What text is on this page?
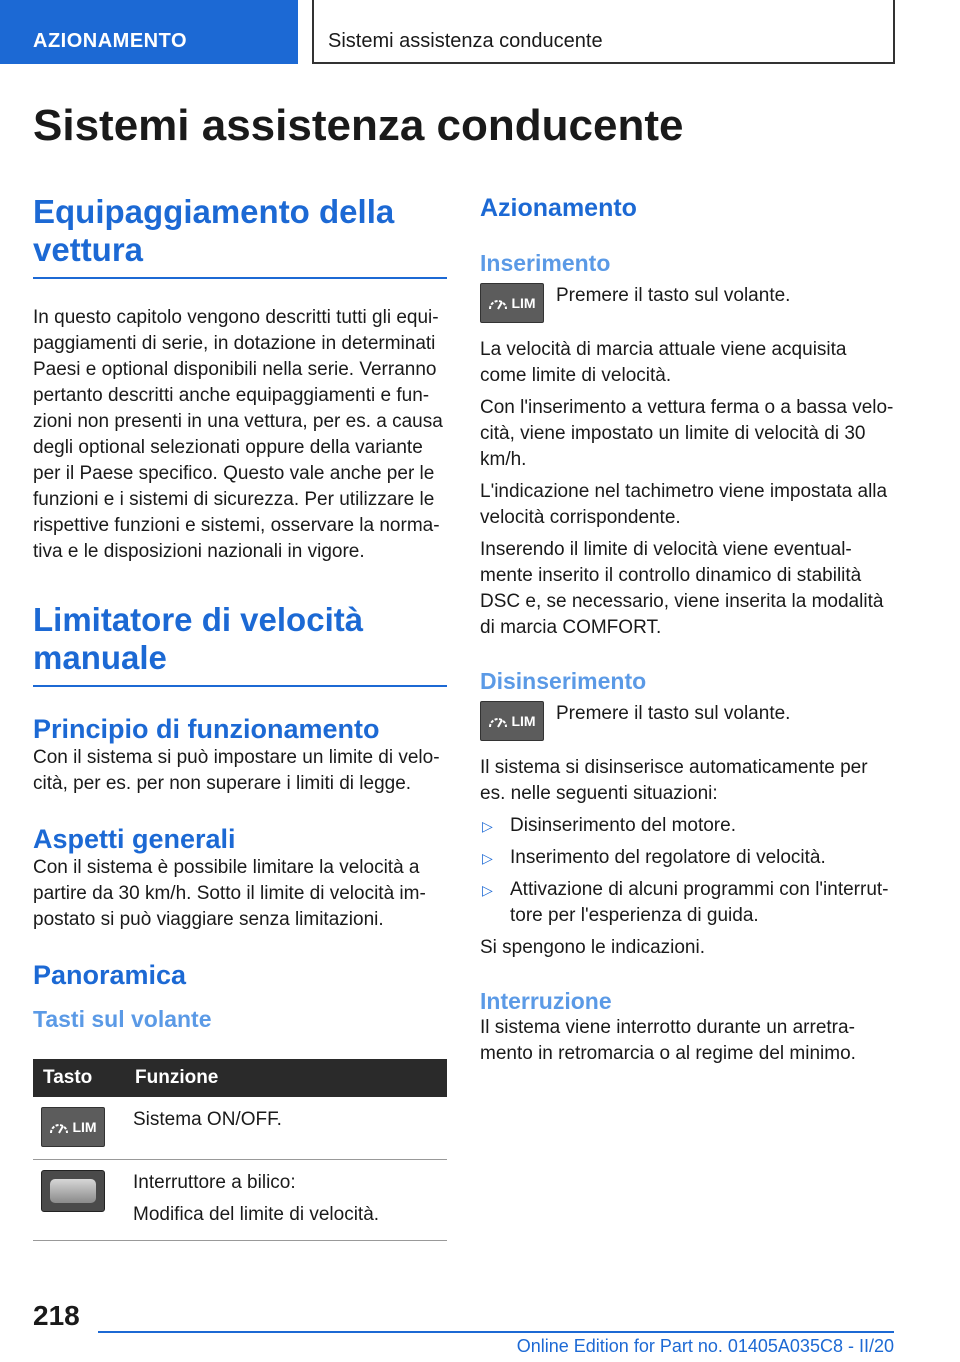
AZIONAMENTO	Sistemi assistenza conducente
Sistemi assistenza conducente
Equipaggiamento della vettura

In questo capitolo vengono descritti tutti gli equi- paggiamenti di serie, in dotazione in determinati Paesi e optional disponibili nella serie. Verranno pertanto descritti anche equipaggiamenti e fun- zioni non presenti in una vettura, per es. a causa degli optional selezionati oppure della variante per il Paese specifico. Questo vale anche per le funzioni e i sistemi di sicurezza. Per utilizzare le rispettive funzioni e sistemi, osservare la norma- tiva e le disposizioni nazionali in vigore.

Limitatore di velocità manuale
Principio di funzionamento

Con il sistema si può impostare un limite di velo- cità, per es. per non superare i limiti di legge.

Aspetti generali

Con il sistema è possibile limitare la velocità a partire da 30 km/h. Sotto il limite di velocità im- postato si può viaggiare senza limitazioni.

Panoramica
Tasti sul volante
Tasto	Funzione

LIM	Sistema ON/OFF.

	Interruttore a bilico:

Modifica del limite di velocità.

Azionamento
Inserimento
LIM Premere il tasto sul volante.

La velocità di marcia attuale viene acquisita come limite di velocità.

Con l'inserimento a vettura ferma o a bassa velo- cità, viene impostato un limite di velocità di 30 km/h.

L'indicazione nel tachimetro viene impostata alla velocità corrispondente.

Inserendo il limite di velocità viene eventual- mente inserito il controllo dinamico di stabilità DSC e, se necessario, viene inserita la modalità di marcia COMFORT.

Disinserimento
LIM Premere il tasto sul volante.

Il sistema si disinserisce automaticamente per es. nelle seguenti situazioni:

▷ Disinserimento del motore.
▷ Inserimento del regolatore di velocità.
▷ Attivazione di alcuni programmi con l'interrut- tore per l'esperienza di guida.

Si spengono le indicazioni.

Interruzione

Il sistema viene interrotto durante un arretra- mento in retromarcia o al regime del minimo.

218
Online Edition for Part no. 01405A035C8 - II/20
